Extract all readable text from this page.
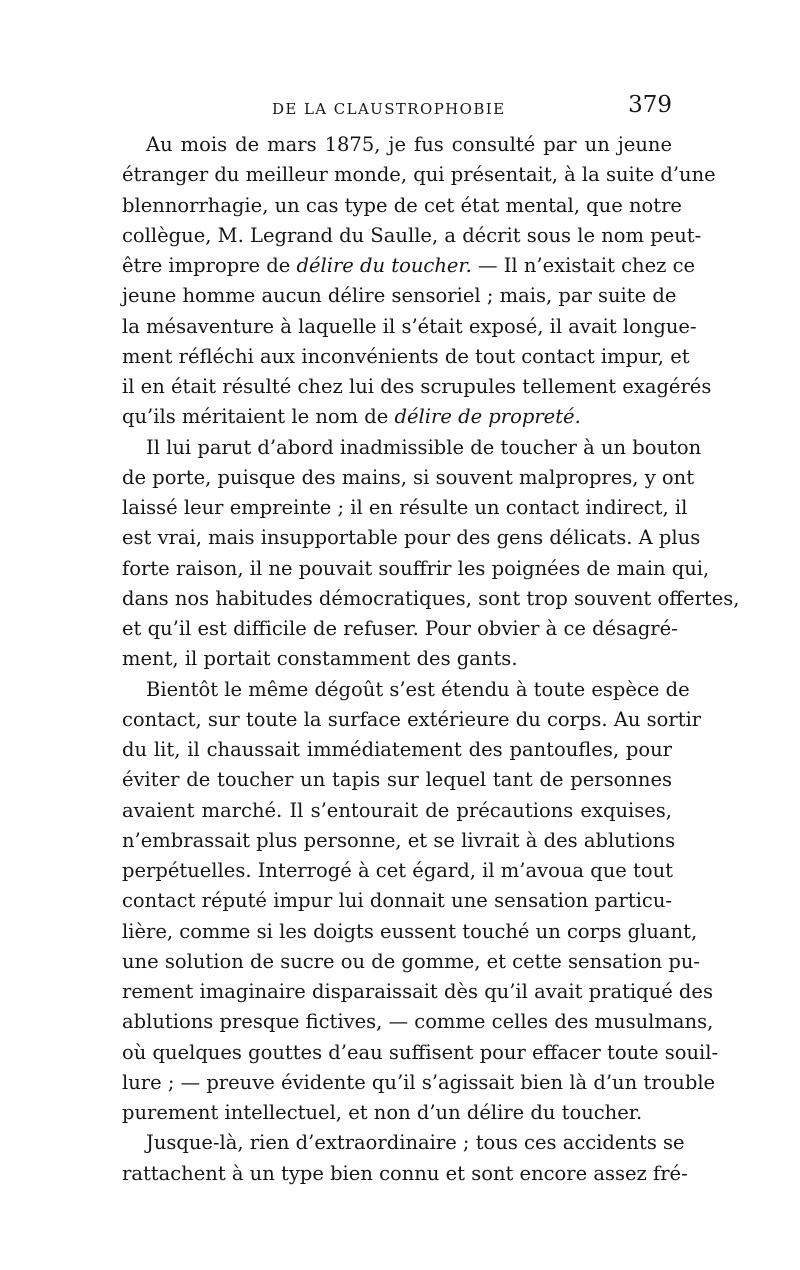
DE LA CLAUSTROPHOBIE	379
Au mois de mars 1875, je fus consulté par un jeune
étranger du meilleur monde, qui présentait, à la suite d’une
blennorrhagie, un cas type de cet état mental, que notre
collègue, M. Legrand du Saulle, a décrit sous le nom peut-
être impropre de délire du toucher. — Il n’existait chez ce
jeune homme aucun délire sensoriel ; mais, par suite de
la mésaventure à laquelle il s’était exposé, il avait longue-
ment réfléchi aux inconvénients de tout contact impur, et
il en était résulté chez lui des scrupules tellement exagérés
qu’ils méritaient le nom de délire de propreté.
Il lui parut d’abord inadmissible de toucher à un bouton
de porte, puisque des mains, si souvent malpropres, y ont
laissé leur empreinte ; il en résulte un contact indirect, il
est vrai, mais insupportable pour des gens délicats. A plus
forte raison, il ne pouvait souffrir les poignées de main qui,
dans nos habitudes démocratiques, sont trop souvent offertes,
et qu’il est difficile de refuser. Pour obvier à ce désagré-
ment, il portait constamment des gants.
Bientôt le même dégoût s’est étendu à toute espèce de
contact, sur toute la surface extérieure du corps. Au sortir
du lit, il chaussait immédiatement des pantoufles, pour
éviter de toucher un tapis sur lequel tant de personnes
avaient marché. Il s’entourait de précautions exquises,
n’embrassait plus personne, et se livrait à des ablutions
perpétuelles. Interrogé à cet égard, il m’avoua que tout
contact réputé impur lui donnait une sensation particu-
lière, comme si les doigts eussent touché un corps gluant,
une solution de sucre ou de gomme, et cette sensation pu-
rement imaginaire disparaissait dès qu’il avait pratiqué des
ablutions presque fictives, — comme celles des musulmans,
où quelques gouttes d’eau suffisent pour effacer toute souil-
lure ; — preuve évidente qu’il s’agissait bien là d’un trouble
purement intellectuel, et non d’un délire du toucher.
Jusque-là, rien d’extraordinaire ; tous ces accidents se
rattachent à un type bien connu et sont encore assez fré-
